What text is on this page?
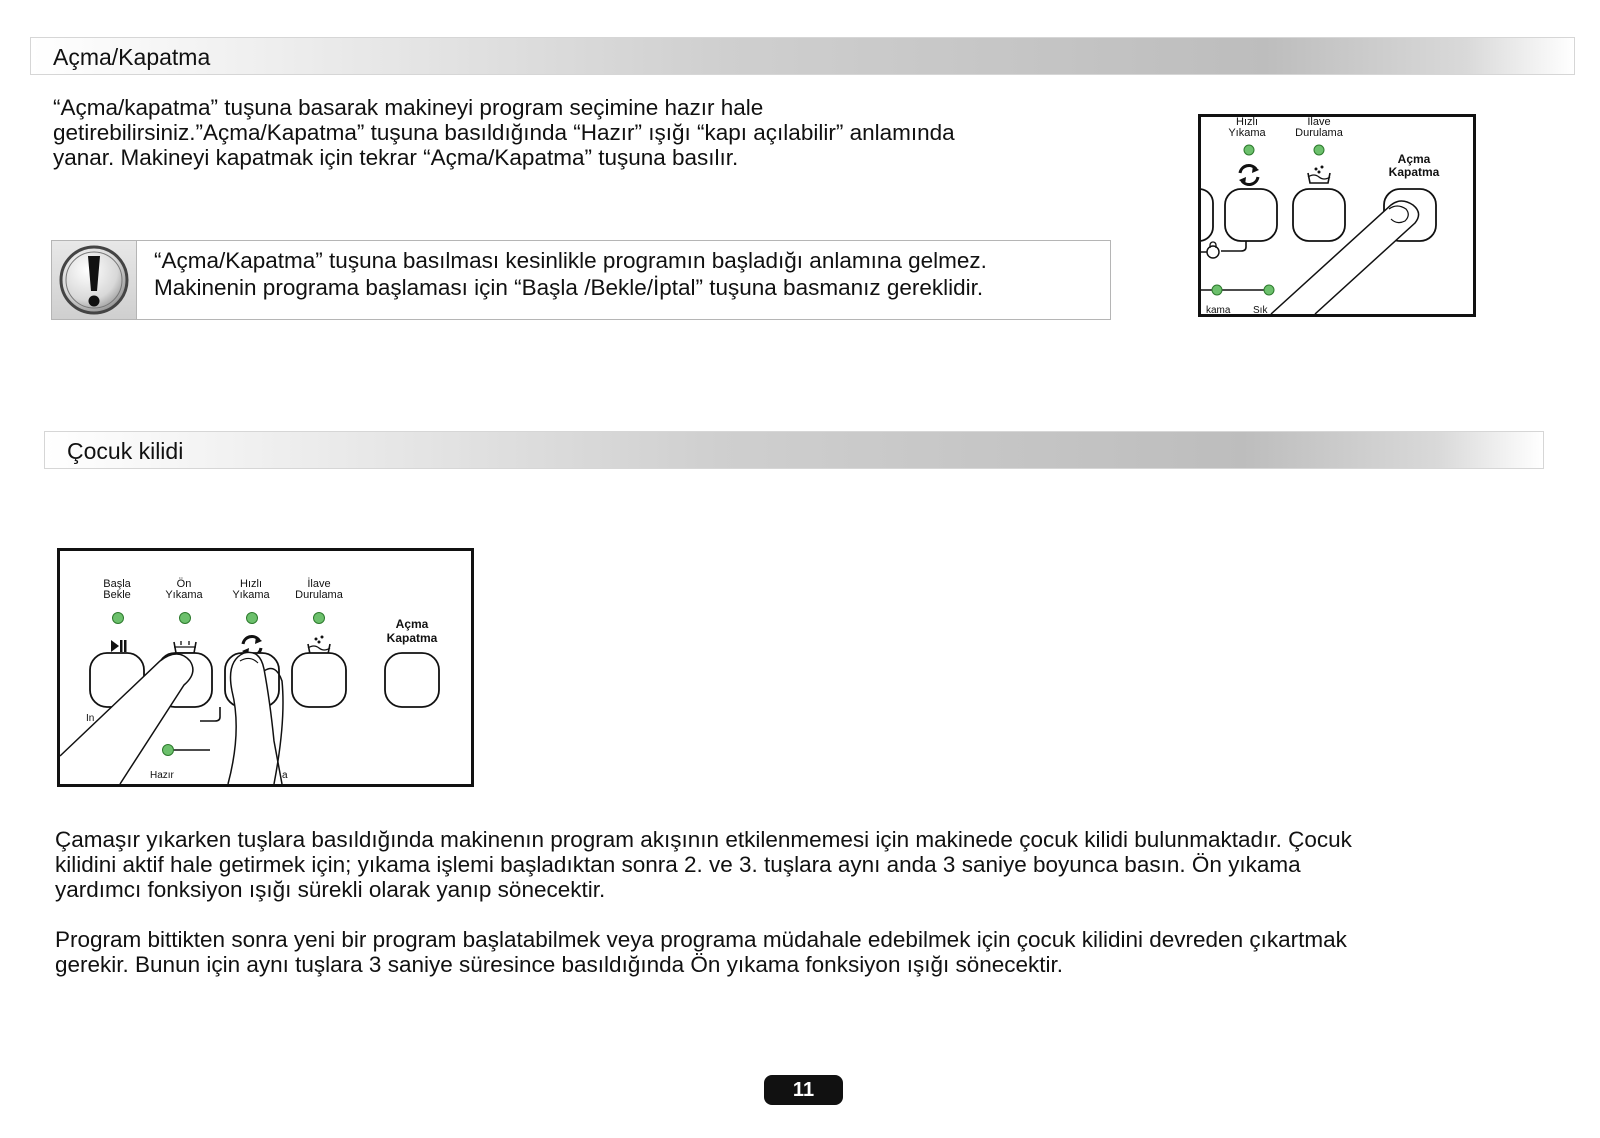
Açma/Kapatma
“Açma/kapatma” tuşuna basarak makineyi program seçimine hazır hale
getirebilirsiniz.”Açma/Kapatma” tuşuna basıldığında “Hazır” ışığı “kapı açılabilir” anlamında
yanar. Makineyi kapatmak için tekrar “Açma/Kapatma” tuşuna basılır.
“Açma/Kapatma” tuşuna basılması kesinlikle programın başladığı anlamına gelmez.
Makinenin programa başlaması için “Başla /Bekle/İptal” tuşuna basmanız gereklidir.
Hızlı
Yıkama
İlave
Durulama
Açma
Kapatma
kama Sık
Çocuk kilidi
Başla
Bekle
Ön
Yıkama
Hızlı
Yıkama
İlave
Durulama
Açma
Kapatma
In
Hazır	a
Çamaşır yıkarken tuşlara basıldığında makinenın program akışının etkilenmemesi için makinede çocuk kilidi bulunmaktadır. Çocuk
kilidini aktif hale getirmek için; yıkama işlemi başladıktan sonra 2. ve 3. tuşlara aynı anda 3 saniye boyunca basın. Ön yıkama
yardımcı fonksiyon ışığı sürekli olarak yanıp sönecektir.
Program bittikten sonra yeni bir program başlatabilmek veya programa müdahale edebilmek için çocuk kilidini devreden çıkartmak
gerekir. Bunun için aynı tuşlara 3 saniye süresince basıldığında Ön yıkama fonksiyon ışığı sönecektir.
11
